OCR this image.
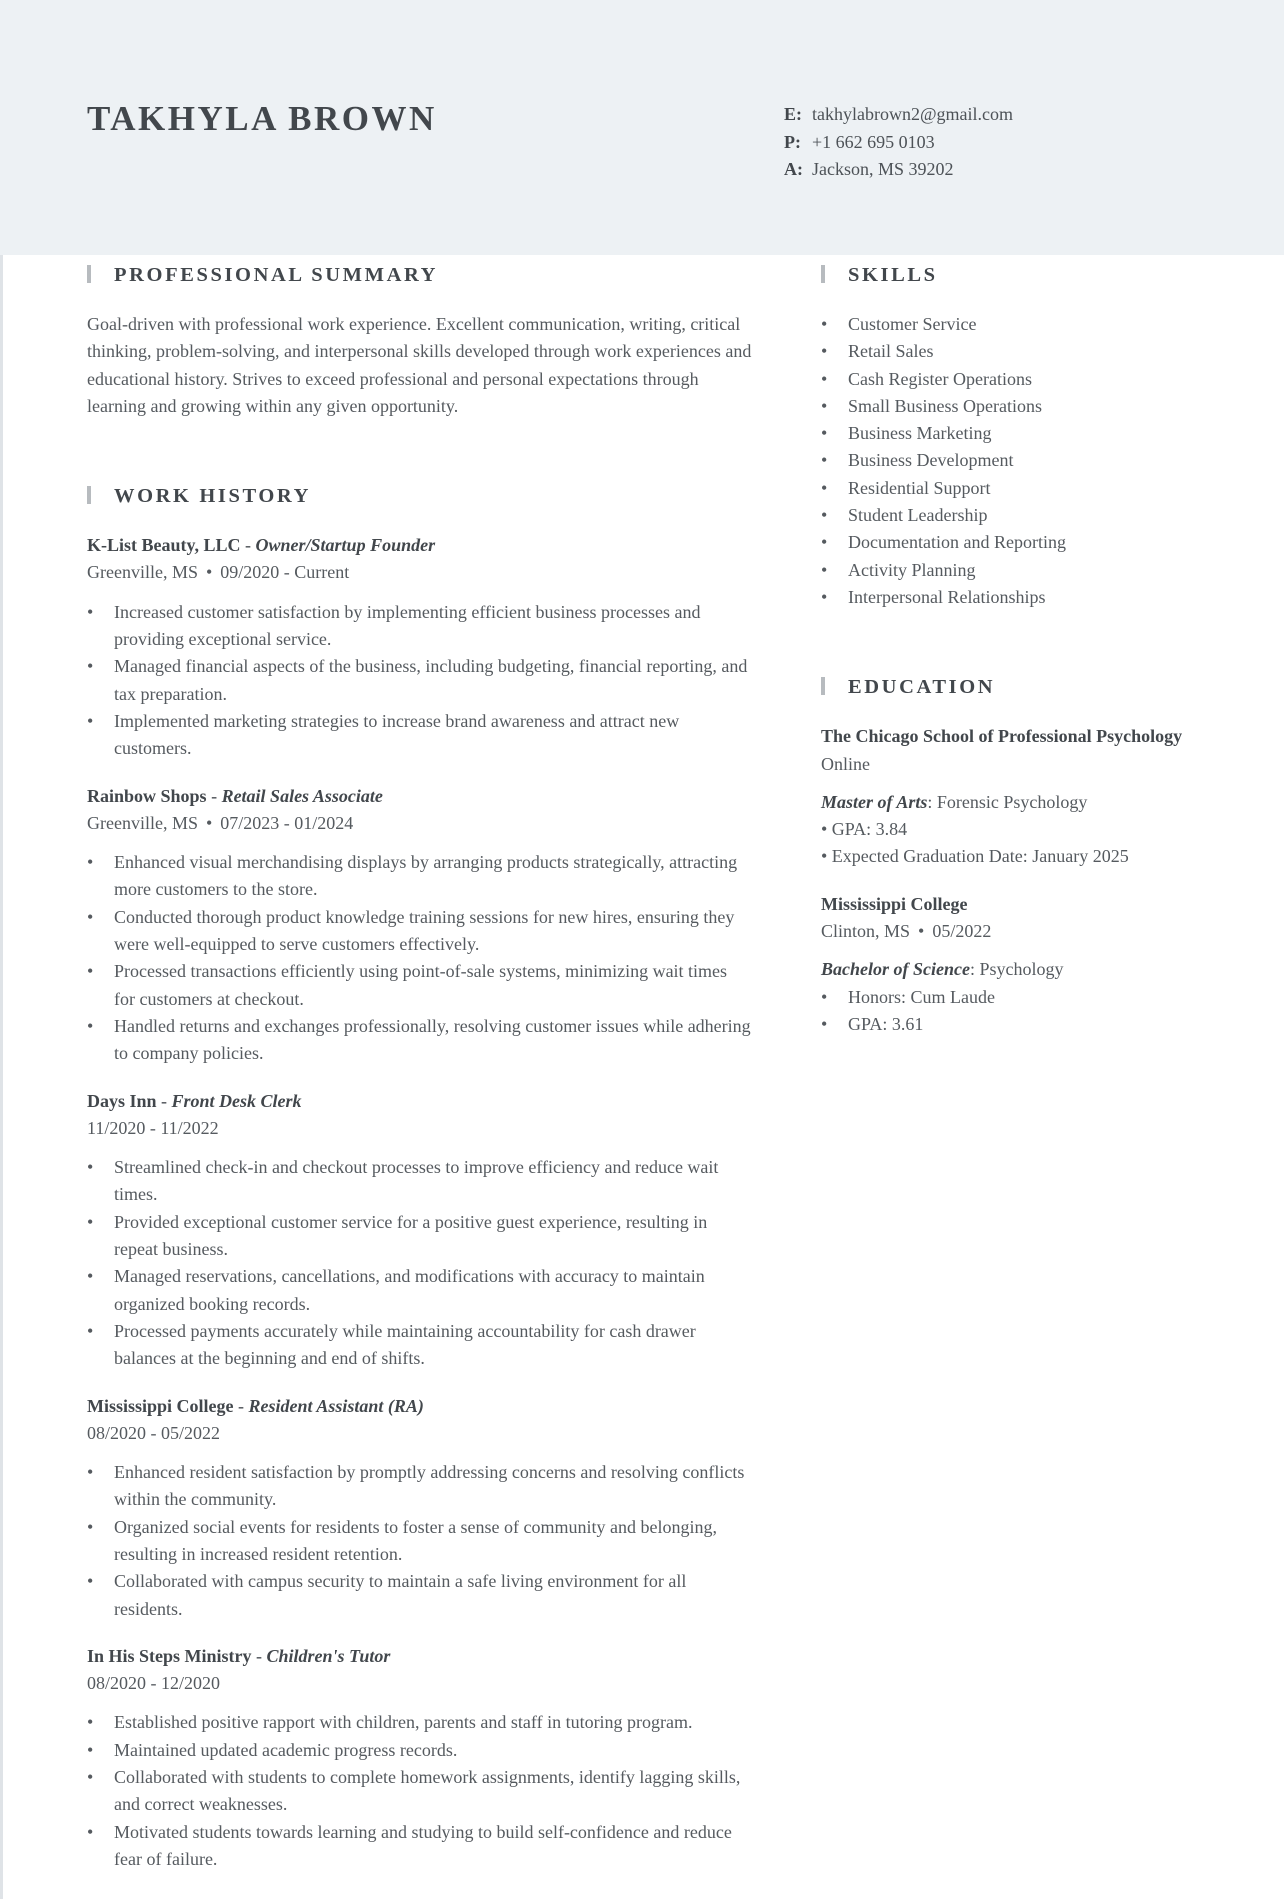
TAKHYLA BROWN	E: takhylabrown2@gmail.com
P: +1 662 695 0103
A: Jackson, MS 39202
PROFESSIONAL SUMMARY

Goal-driven with professional work experience. Excellent communication, writing, critical thinking, problem-solving, and interpersonal skills developed through work experiences and educational history. Strives to exceed professional and personal expectations through learning and growing within any given opportunity.

WORK HISTORY
K-List Beauty, LLC - Owner/Startup Founder
Greenville, MS • 09/2020 - Current
• Increased customer satisfaction by implementing efficient business processes and providing exceptional service.
• Managed financial aspects of the business, including budgeting, financial reporting, and tax preparation.
• Implemented marketing strategies to increase brand awareness and attract new customers.
Rainbow Shops - Retail Sales Associate
Greenville, MS • 07/2023 - 01/2024
• Enhanced visual merchandising displays by arranging products strategically, attracting more customers to the store.
• Conducted thorough product knowledge training sessions for new hires, ensuring they were well-equipped to serve customers effectively.
• Processed transactions efficiently using point-of-sale systems, minimizing wait times for customers at checkout.
• Handled returns and exchanges professionally, resolving customer issues while adhering to company policies.
Days Inn - Front Desk Clerk
11/2020 - 11/2022
• Streamlined check-in and checkout processes to improve efficiency and reduce wait times.
• Provided exceptional customer service for a positive guest experience, resulting in repeat business.
• Managed reservations, cancellations, and modifications with accuracy to maintain organized booking records.
• Processed payments accurately while maintaining accountability for cash drawer balances at the beginning and end of shifts.
Mississippi College - Resident Assistant (RA)
08/2020 - 05/2022
• Enhanced resident satisfaction by promptly addressing concerns and resolving conflicts within the community.
• Organized social events for residents to foster a sense of community and belonging, resulting in increased resident retention.
• Collaborated with campus security to maintain a safe living environment for all residents.
In His Steps Ministry - Children's Tutor
08/2020 - 12/2020
• Established positive rapport with children, parents and staff in tutoring program.
• Maintained updated academic progress records.
• Collaborated with students to complete homework assignments, identify lagging skills, and correct weaknesses.
• Motivated students towards learning and studying to build self-confidence and reduce fear of failure.
SKILLS
• Customer Service
• Retail Sales
• Cash Register Operations
• Small Business Operations
• Business Marketing
• Business Development
• Residential Support
• Student Leadership
• Documentation and Reporting
• Activity Planning
• Interpersonal Relationships
EDUCATION
The Chicago School of Professional Psychology
Online
Master of Arts: Forensic Psychology
• GPA: 3.84
• Expected Graduation Date: January 2025
Mississippi College
Clinton, MS • 05/2022
Bachelor of Science: Psychology
• Honors: Cum Laude
• GPA: 3.61
